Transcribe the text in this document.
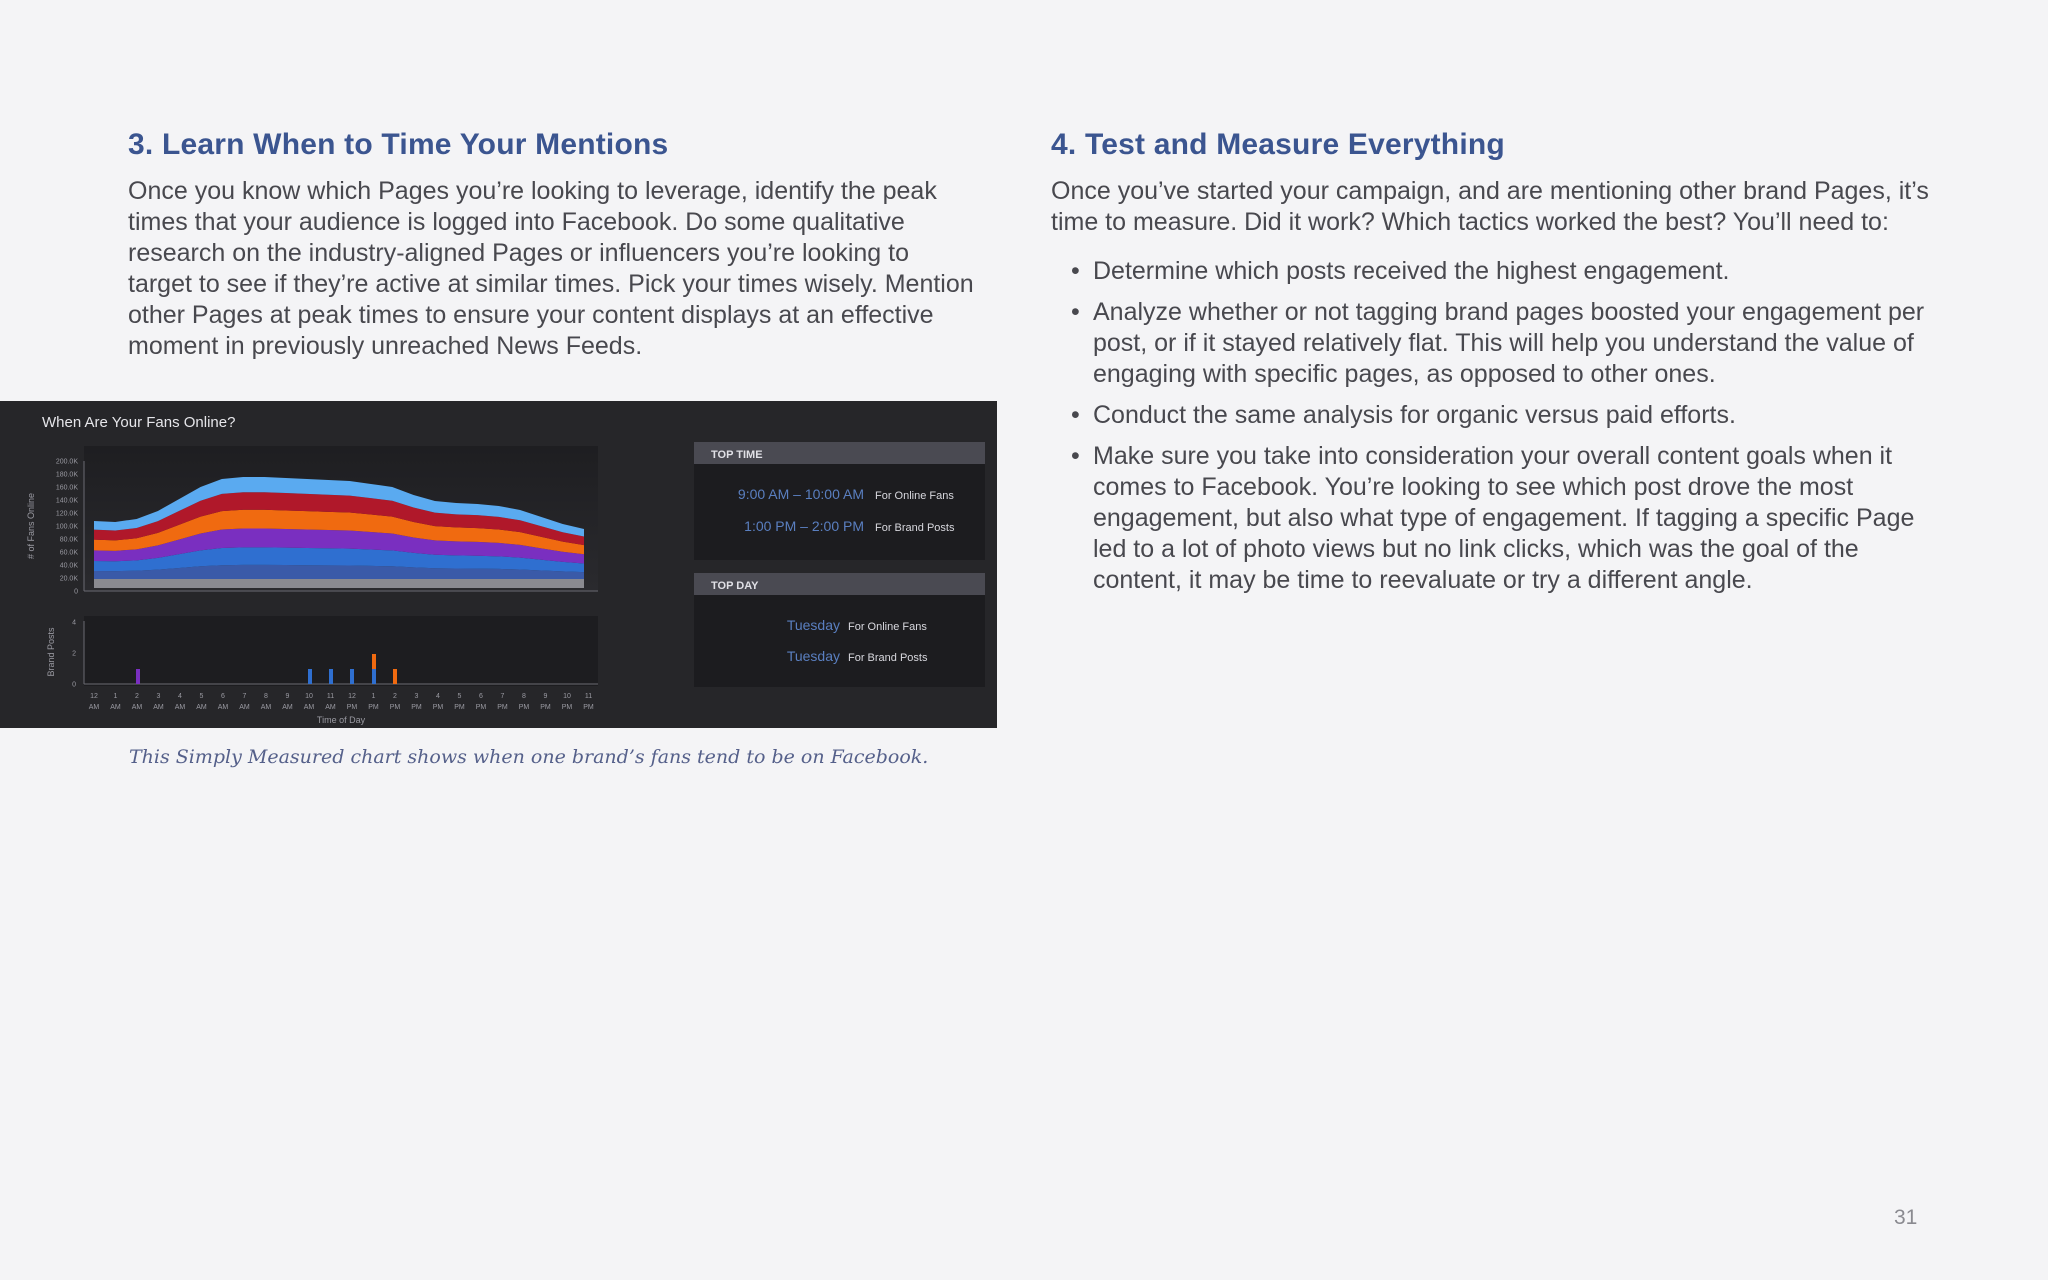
3. Learn When to Time Your Mentions

Once you know which Pages you’re looking to leverage, identify the peak times that your audience is logged into Facebook. Do some qualitative research on the industry-aligned Pages or influencers you’re looking to target to see if they’re active at similar times. Pick your times wisely. Mention other Pages at peak times to ensure your content displays at an effective moment in previously unreached News Feeds.

4. Test and Measure Everything

Once you’ve started your campaign, and are mentioning other brand Pages, it’s time to measure. Did it work? Which tactics worked the best? You’ll need to:

• Determine which posts received the highest engagement.
• Analyze whether or not tagging brand pages boosted your engagement per post, or if it stayed relatively flat. This will help you understand the value of engaging with specific pages, as opposed to other ones.
• Conduct the same analysis for organic versus paid efforts.
• Make sure you take into consideration your overall content goals when it comes to Facebook. You’re looking to see which post drove the most engagement, but also what type of engagement. If tagging a specific Page led to a lot of photo views but no link clicks, which was the goal of the content, it may be time to reevaluate or try a different angle.
When Are Your Fans Online?
200.0K
180.0K
160.0K
140.0K
120.0K
100.0K
80.0K
60.0K
40.0K
20.0K
0
# of Fans Online
4
2
0
Brand Posts
12
AM
1
AM
2
AM
3
AM
4
AM
5
AM
6
AM
7
AM
8
AM
9
AM
10
AM
11
AM
12
PM
1
PM
2
PM
3
PM
4
PM
5
PM
6
PM
7
PM
8
PM
9
PM
10
PM
11
PM
Time of Day
TOP TIME
9:00 AM – 10:00 AM For Online Fans
1:00 PM – 2:00 PM For Brand Posts
TOP DAY
Tuesday For Online Fans
Tuesday For Brand Posts
This Simply Measured chart shows when one brand’s fans tend to be on Facebook.
31
